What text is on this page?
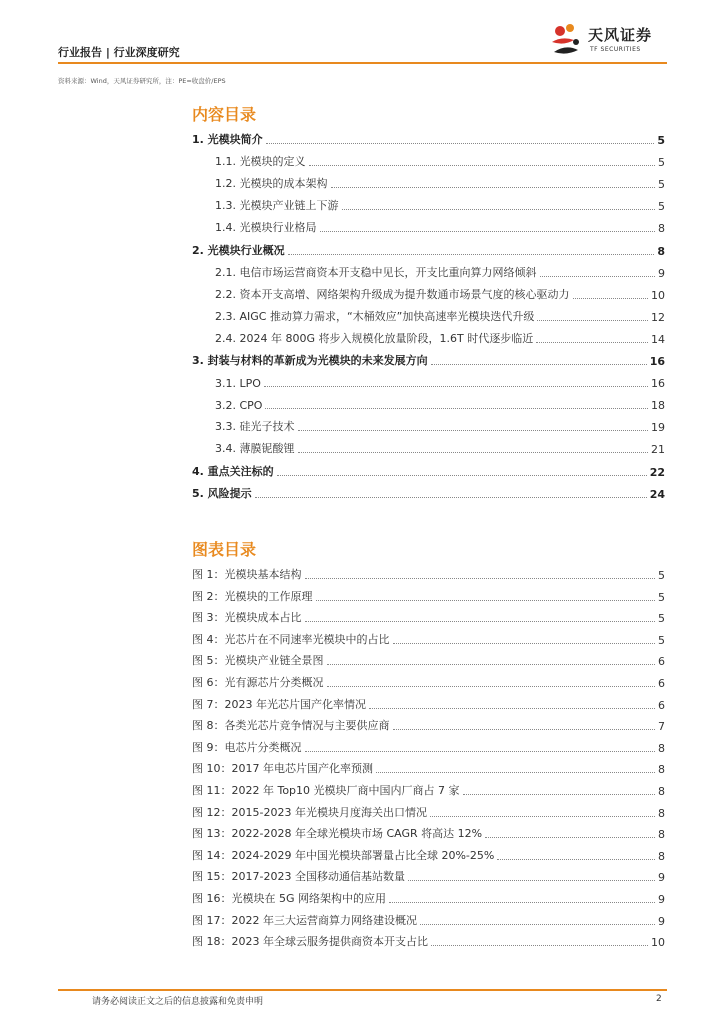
行业报告 | 行业深度研究
天风证券
TF SECURITIES
资料来源：Wind，天风证券研究所，注：PE=收盘价/EPS
内容目录
1. 光模块简介	5
1.1. 光模块的定义	5
1.2. 光模块的成本架构	5
1.3. 光模块产业链上下游	5
1.4. 光模块行业格局	8
2. 光模块行业概况	8
2.1. 电信市场运营商资本开支稳中见长，开支比重向算力网络倾斜	9
2.2. 资本开支高增、网络架构升级成为提升数通市场景气度的核心驱动力	10
2.3. AIGC 推动算力需求，“木桶效应”加快高速率光模块迭代升级	12
2.4. 2024 年 800G 将步入规模化放量阶段，1.6T 时代逐步临近	14
3. 封装与材料的革新成为光模块的未来发展方向	16
3.1. LPO	16
3.2. CPO	18
3.3. 硅光子技术	19
3.4. 薄膜铌酸锂	21
4. 重点关注标的	22
5. 风险提示	24
图表目录
图 1：光模块基本结构	5
图 2：光模块的工作原理	5
图 3：光模块成本占比	5
图 4：光芯片在不同速率光模块中的占比	5
图 5：光模块产业链全景图	6
图 6：光有源芯片分类概况	6
图 7：2023 年光芯片国产化率情况	6
图 8：各类光芯片竞争情况与主要供应商	7
图 9：电芯片分类概况	8
图 10：2017 年电芯片国产化率预测	8
图 11：2022 年 Top10 光模块厂商中国内厂商占 7 家	8
图 12：2015-2023 年光模块月度海关出口情况	8
图 13：2022-2028 年全球光模块市场 CAGR 将高达 12%	8
图 14：2024-2029 年中国光模块部署量占比全球 20%-25%	8
图 15：2017-2023 全国移动通信基站数量	9
图 16：光模块在 5G 网络架构中的应用	9
图 17：2022 年三大运营商算力网络建设概况	9
图 18：2023 年全球云服务提供商资本开支占比	10
请务必阅读正文之后的信息披露和免责申明	2
